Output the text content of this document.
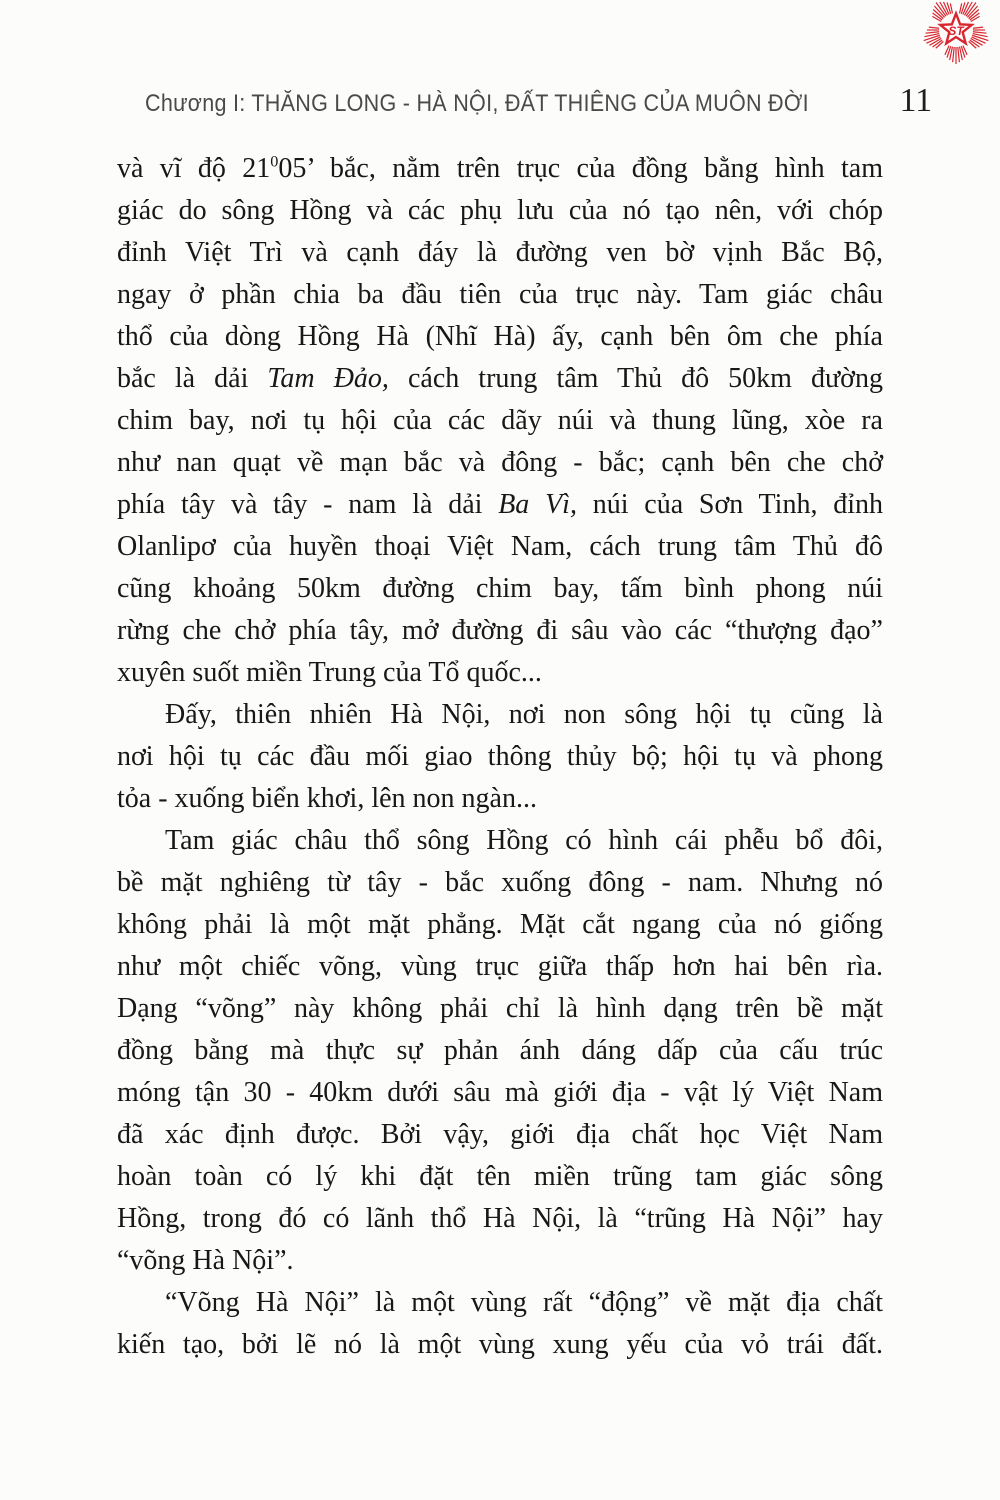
ST
Chương I: THĂNG LONG - HÀ NỘI, ĐẤT THIÊNG CỦA MUÔN ĐỜI	11
và vĩ độ $21^005$’ bắc, nằm trên trục của đồng bằng hình tam
giác do sông Hồng và các phụ lưu của nó tạo nên, với chóp
đỉnh Việt Trì và cạnh đáy là đường ven bờ vịnh Bắc Bộ,
ngay ở phần chia ba đầu tiên của trục này. Tam giác châu
thổ của dòng Hồng Hà (Nhĩ Hà) ấy, cạnh bên ôm che phía
bắc là dải Tam Đảo, cách trung tâm Thủ đô 50km đường
chim bay, nơi tụ hội của các dãy núi và thung lũng, xòe ra
như nan quạt về mạn bắc và đông - bắc; cạnh bên che chở
phía tây và tây - nam là dải Ba Vì, núi của Sơn Tinh, đỉnh
Olanlipơ của huyền thoại Việt Nam, cách trung tâm Thủ đô
cũng khoảng 50km đường chim bay, tấm bình phong núi
rừng che chở phía tây, mở đường đi sâu vào các “thượng đạo”
xuyên suốt miền Trung của Tổ quốc...
Đấy, thiên nhiên Hà Nội, nơi non sông hội tụ cũng là
nơi hội tụ các đầu mối giao thông thủy bộ; hội tụ và phong
tỏa - xuống biển khơi, lên non ngàn...
Tam giác châu thổ sông Hồng có hình cái phễu bổ đôi,
bề mặt nghiêng từ tây - bắc xuống đông - nam. Nhưng nó
không phải là một mặt phẳng. Mặt cắt ngang của nó giống
như một chiếc võng, vùng trục giữa thấp hơn hai bên rìa.
Dạng “võng” này không phải chỉ là hình dạng trên bề mặt
đồng bằng mà thực sự phản ánh dáng dấp của cấu trúc
móng tận 30 - 40km dưới sâu mà giới địa - vật lý Việt Nam
đã xác định được. Bởi vậy, giới địa chất học Việt Nam
hoàn toàn có lý khi đặt tên miền trũng tam giác sông
Hồng, trong đó có lãnh thổ Hà Nội, là “trũng Hà Nội” hay
“võng Hà Nội”.
“Võng Hà Nội” là một vùng rất “động” về mặt địa chất
kiến tạo, bởi lẽ nó là một vùng xung yếu của vỏ trái đất.
